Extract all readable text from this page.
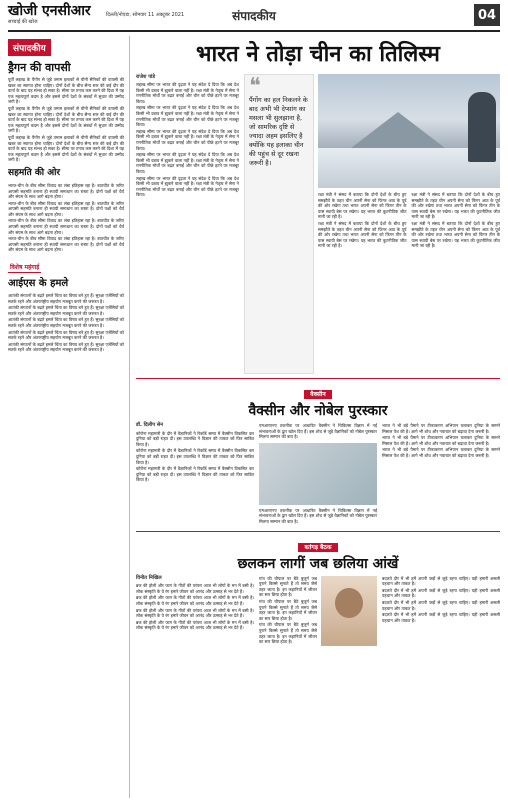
खोजी एनसीआर
सच्चाई की खोज
दिल्ली/नोएडा, सोमवार 11 अक्टूबर 2021	संपादकीय	04
संपादकीय
ड्रैगन की वापसी

पूर्वी लद्दाख के पैंगोंग से जुड़े तमाम इलाकों से चीनी सैनिकों की वापसी की खबर का स्वागत होना चाहिए। दोनों देशों के बीच सैन्य स्तर की कई दौर की वार्ता के बाद यह संभव हो सका है। सीमा पर तनाव कम करने की दिशा में यह एक महत्वपूर्ण कदम है और इससे दोनों देशों के संबंधों में सुधार की उम्मीद जगी है।

पूर्वी लद्दाख के पैंगोंग से जुड़े तमाम इलाकों से चीनी सैनिकों की वापसी की खबर का स्वागत होना चाहिए। दोनों देशों के बीच सैन्य स्तर की कई दौर की वार्ता के बाद यह संभव हो सका है। सीमा पर तनाव कम करने की दिशा में यह एक महत्वपूर्ण कदम है और इससे दोनों देशों के संबंधों में सुधार की उम्मीद जगी है।

पूर्वी लद्दाख के पैंगोंग से जुड़े तमाम इलाकों से चीनी सैनिकों की वापसी की खबर का स्वागत होना चाहिए। दोनों देशों के बीच सैन्य स्तर की कई दौर की वार्ता के बाद यह संभव हो सका है। सीमा पर तनाव कम करने की दिशा में यह एक महत्वपूर्ण कदम है और इससे दोनों देशों के संबंधों में सुधार की उम्मीद जगी है।

सहमति की ओर

भारत-चीन के बीच सीमा विवाद का लंबा इतिहास रहा है। बातचीत के जरिए आपसी सहमति बनाना ही स्थायी समाधान का रास्ता है। दोनों पक्षों को धैर्य और संयम के साथ आगे बढ़ना होगा।

भारत-चीन के बीच सीमा विवाद का लंबा इतिहास रहा है। बातचीत के जरिए आपसी सहमति बनाना ही स्थायी समाधान का रास्ता है। दोनों पक्षों को धैर्य और संयम के साथ आगे बढ़ना होगा।

भारत-चीन के बीच सीमा विवाद का लंबा इतिहास रहा है। बातचीत के जरिए आपसी सहमति बनाना ही स्थायी समाधान का रास्ता है। दोनों पक्षों को धैर्य और संयम के साथ आगे बढ़ना होगा।

भारत-चीन के बीच सीमा विवाद का लंबा इतिहास रहा है। बातचीत के जरिए आपसी सहमति बनाना ही स्थायी समाधान का रास्ता है। दोनों पक्षों को धैर्य और संयम के साथ आगे बढ़ना होगा।

विशेष महंगाई
आईएस के हमले

आतंकी संगठनों के बढ़ते हमले चिंता का विषय बने हुए हैं। सुरक्षा एजेंसियों को सतर्क रहने और अंतरराष्ट्रीय सहयोग मजबूत करने की जरूरत है।

आतंकी संगठनों के बढ़ते हमले चिंता का विषय बने हुए हैं। सुरक्षा एजेंसियों को सतर्क रहने और अंतरराष्ट्रीय सहयोग मजबूत करने की जरूरत है।

आतंकी संगठनों के बढ़ते हमले चिंता का विषय बने हुए हैं। सुरक्षा एजेंसियों को सतर्क रहने और अंतरराष्ट्रीय सहयोग मजबूत करने की जरूरत है।

आतंकी संगठनों के बढ़ते हमले चिंता का विषय बने हुए हैं। सुरक्षा एजेंसियों को सतर्क रहने और अंतरराष्ट्रीय सहयोग मजबूत करने की जरूरत है।

आतंकी संगठनों के बढ़ते हमले चिंता का विषय बने हुए हैं। सुरक्षा एजेंसियों को सतर्क रहने और अंतरराष्ट्रीय सहयोग मजबूत करने की जरूरत है।

भारत ने तोड़ा चीन का तिलिस्म
राजेश पांडे

लद्दाख सीमा पर भारत की दृढ़ता ने यह संदेश दे दिया कि अब देश किसी भी दबाव में झुकने वाला नहीं है। रक्षा मंत्री के नेतृत्व में सेना ने रणनीतिक मोर्चों पर बढ़त बनाई और चीन को पीछे हटने पर मजबूर किया।

लद्दाख सीमा पर भारत की दृढ़ता ने यह संदेश दे दिया कि अब देश किसी भी दबाव में झुकने वाला नहीं है। रक्षा मंत्री के नेतृत्व में सेना ने रणनीतिक मोर्चों पर बढ़त बनाई और चीन को पीछे हटने पर मजबूर किया।

लद्दाख सीमा पर भारत की दृढ़ता ने यह संदेश दे दिया कि अब देश किसी भी दबाव में झुकने वाला नहीं है। रक्षा मंत्री के नेतृत्व में सेना ने रणनीतिक मोर्चों पर बढ़त बनाई और चीन को पीछे हटने पर मजबूर किया।

लद्दाख सीमा पर भारत की दृढ़ता ने यह संदेश दे दिया कि अब देश किसी भी दबाव में झुकने वाला नहीं है। रक्षा मंत्री के नेतृत्व में सेना ने रणनीतिक मोर्चों पर बढ़त बनाई और चीन को पीछे हटने पर मजबूर किया।

लद्दाख सीमा पर भारत की दृढ़ता ने यह संदेश दे दिया कि अब देश किसी भी दबाव में झुकने वाला नहीं है। रक्षा मंत्री के नेतृत्व में सेना ने रणनीतिक मोर्चों पर बढ़त बनाई और चीन को पीछे हटने पर मजबूर किया।

❝
पैंगोंग का हल निकलने के बाद अभी भी देप्सांग का मसला भी सुलझाना है, जो सामरिक दृष्टि से ज्यादा अहम इसलिए है क्योंकि यह इलाका चीन की पहुंच से दूर रखना जरूरी है।

रक्षा मंत्री ने संसद में बताया कि दोनों देशों के बीच हुए समझौते के तहत चीन अपनी सेना को फिंगर आठ के पूर्व की ओर रखेगा तथा भारत अपनी सेना को फिंगर तीन के पास स्थायी बेस पर रखेगा। यह भारत की कूटनीतिक जीत मानी जा रही है।

रक्षा मंत्री ने संसद में बताया कि दोनों देशों के बीच हुए समझौते के तहत चीन अपनी सेना को फिंगर आठ के पूर्व की ओर रखेगा तथा भारत अपनी सेना को फिंगर तीन के पास स्थायी बेस पर रखेगा। यह भारत की कूटनीतिक जीत मानी जा रही है।

रक्षा मंत्री ने संसद में बताया कि दोनों देशों के बीच हुए समझौते के तहत चीन अपनी सेना को फिंगर आठ के पूर्व की ओर रखेगा तथा भारत अपनी सेना को फिंगर तीन के पास स्थायी बेस पर रखेगा। यह भारत की कूटनीतिक जीत मानी जा रही है।

रक्षा मंत्री ने संसद में बताया कि दोनों देशों के बीच हुए समझौते के तहत चीन अपनी सेना को फिंगर आठ के पूर्व की ओर रखेगा तथा भारत अपनी सेना को फिंगर तीन के पास स्थायी बेस पर रखेगा। यह भारत की कूटनीतिक जीत मानी जा रही है।

वैक्सीन
वैक्सीन और नोबेल पुरस्कार
डॉ. दिलीप सेन

कोरोना महामारी के दौर में वैज्ञानिकों ने रिकॉर्ड समय में वैक्सीन विकसित कर दुनिया को बड़ी राहत दी। इस उपलब्धि ने विज्ञान की ताकत को फिर साबित किया है।

कोरोना महामारी के दौर में वैज्ञानिकों ने रिकॉर्ड समय में वैक्सीन विकसित कर दुनिया को बड़ी राहत दी। इस उपलब्धि ने विज्ञान की ताकत को फिर साबित किया है।

कोरोना महामारी के दौर में वैज्ञानिकों ने रिकॉर्ड समय में वैक्सीन विकसित कर दुनिया को बड़ी राहत दी। इस उपलब्धि ने विज्ञान की ताकत को फिर साबित किया है।

एमआरएनए तकनीक पर आधारित वैक्सीन ने चिकित्सा विज्ञान में नई संभावनाओं के द्वार खोल दिए हैं। इस शोध से जुड़े वैज्ञानिकों को नोबेल पुरस्कार मिलना सम्मान की बात है।

एमआरएनए तकनीक पर आधारित वैक्सीन ने चिकित्सा विज्ञान में नई संभावनाओं के द्वार खोल दिए हैं। इस शोध से जुड़े वैज्ञानिकों को नोबेल पुरस्कार मिलना सम्मान की बात है।

भारत ने भी बड़े पैमाने पर टीकाकरण अभियान चलाकर दुनिया के सामने मिसाल पेश की है। आगे भी शोध और नवाचार को बढ़ावा देना जरूरी है।

भारत ने भी बड़े पैमाने पर टीकाकरण अभियान चलाकर दुनिया के सामने मिसाल पेश की है। आगे भी शोध और नवाचार को बढ़ावा देना जरूरी है।

भारत ने भी बड़े पैमाने पर टीकाकरण अभियान चलाकर दुनिया के सामने मिसाल पेश की है। आगे भी शोध और नवाचार को बढ़ावा देना जरूरी है।

बतंगड़ बैठक
छलकन लागीं जब छलिया आंखें
विनीत निखिल

ब्रज की होली और फाग के गीतों की परंपरा आज भी लोगों के मन में बसी है। लोक संस्कृति के ये रंग हमारे जीवन को आनंद और उत्साह से भर देते हैं।

ब्रज की होली और फाग के गीतों की परंपरा आज भी लोगों के मन में बसी है। लोक संस्कृति के ये रंग हमारे जीवन को आनंद और उत्साह से भर देते हैं।

ब्रज की होली और फाग के गीतों की परंपरा आज भी लोगों के मन में बसी है। लोक संस्कृति के ये रंग हमारे जीवन को आनंद और उत्साह से भर देते हैं।

ब्रज की होली और फाग के गीतों की परंपरा आज भी लोगों के मन में बसी है। लोक संस्कृति के ये रंग हमारे जीवन को आनंद और उत्साह से भर देते हैं।

गांव की चौपाल पर बैठे बुजुर्ग जब पुराने किस्से सुनाते हैं तो समय जैसे ठहर जाता है। इन कहानियों में जीवन का सार छिपा होता है।

गांव की चौपाल पर बैठे बुजुर्ग जब पुराने किस्से सुनाते हैं तो समय जैसे ठहर जाता है। इन कहानियों में जीवन का सार छिपा होता है।

गांव की चौपाल पर बैठे बुजुर्ग जब पुराने किस्से सुनाते हैं तो समय जैसे ठहर जाता है। इन कहानियों में जीवन का सार छिपा होता है।

बदलते दौर में भी हमें अपनी जड़ों से जुड़े रहना चाहिए। यही हमारी असली पहचान और ताकत है।

बदलते दौर में भी हमें अपनी जड़ों से जुड़े रहना चाहिए। यही हमारी असली पहचान और ताकत है।

बदलते दौर में भी हमें अपनी जड़ों से जुड़े रहना चाहिए। यही हमारी असली पहचान और ताकत है।

बदलते दौर में भी हमें अपनी जड़ों से जुड़े रहना चाहिए। यही हमारी असली पहचान और ताकत है।
